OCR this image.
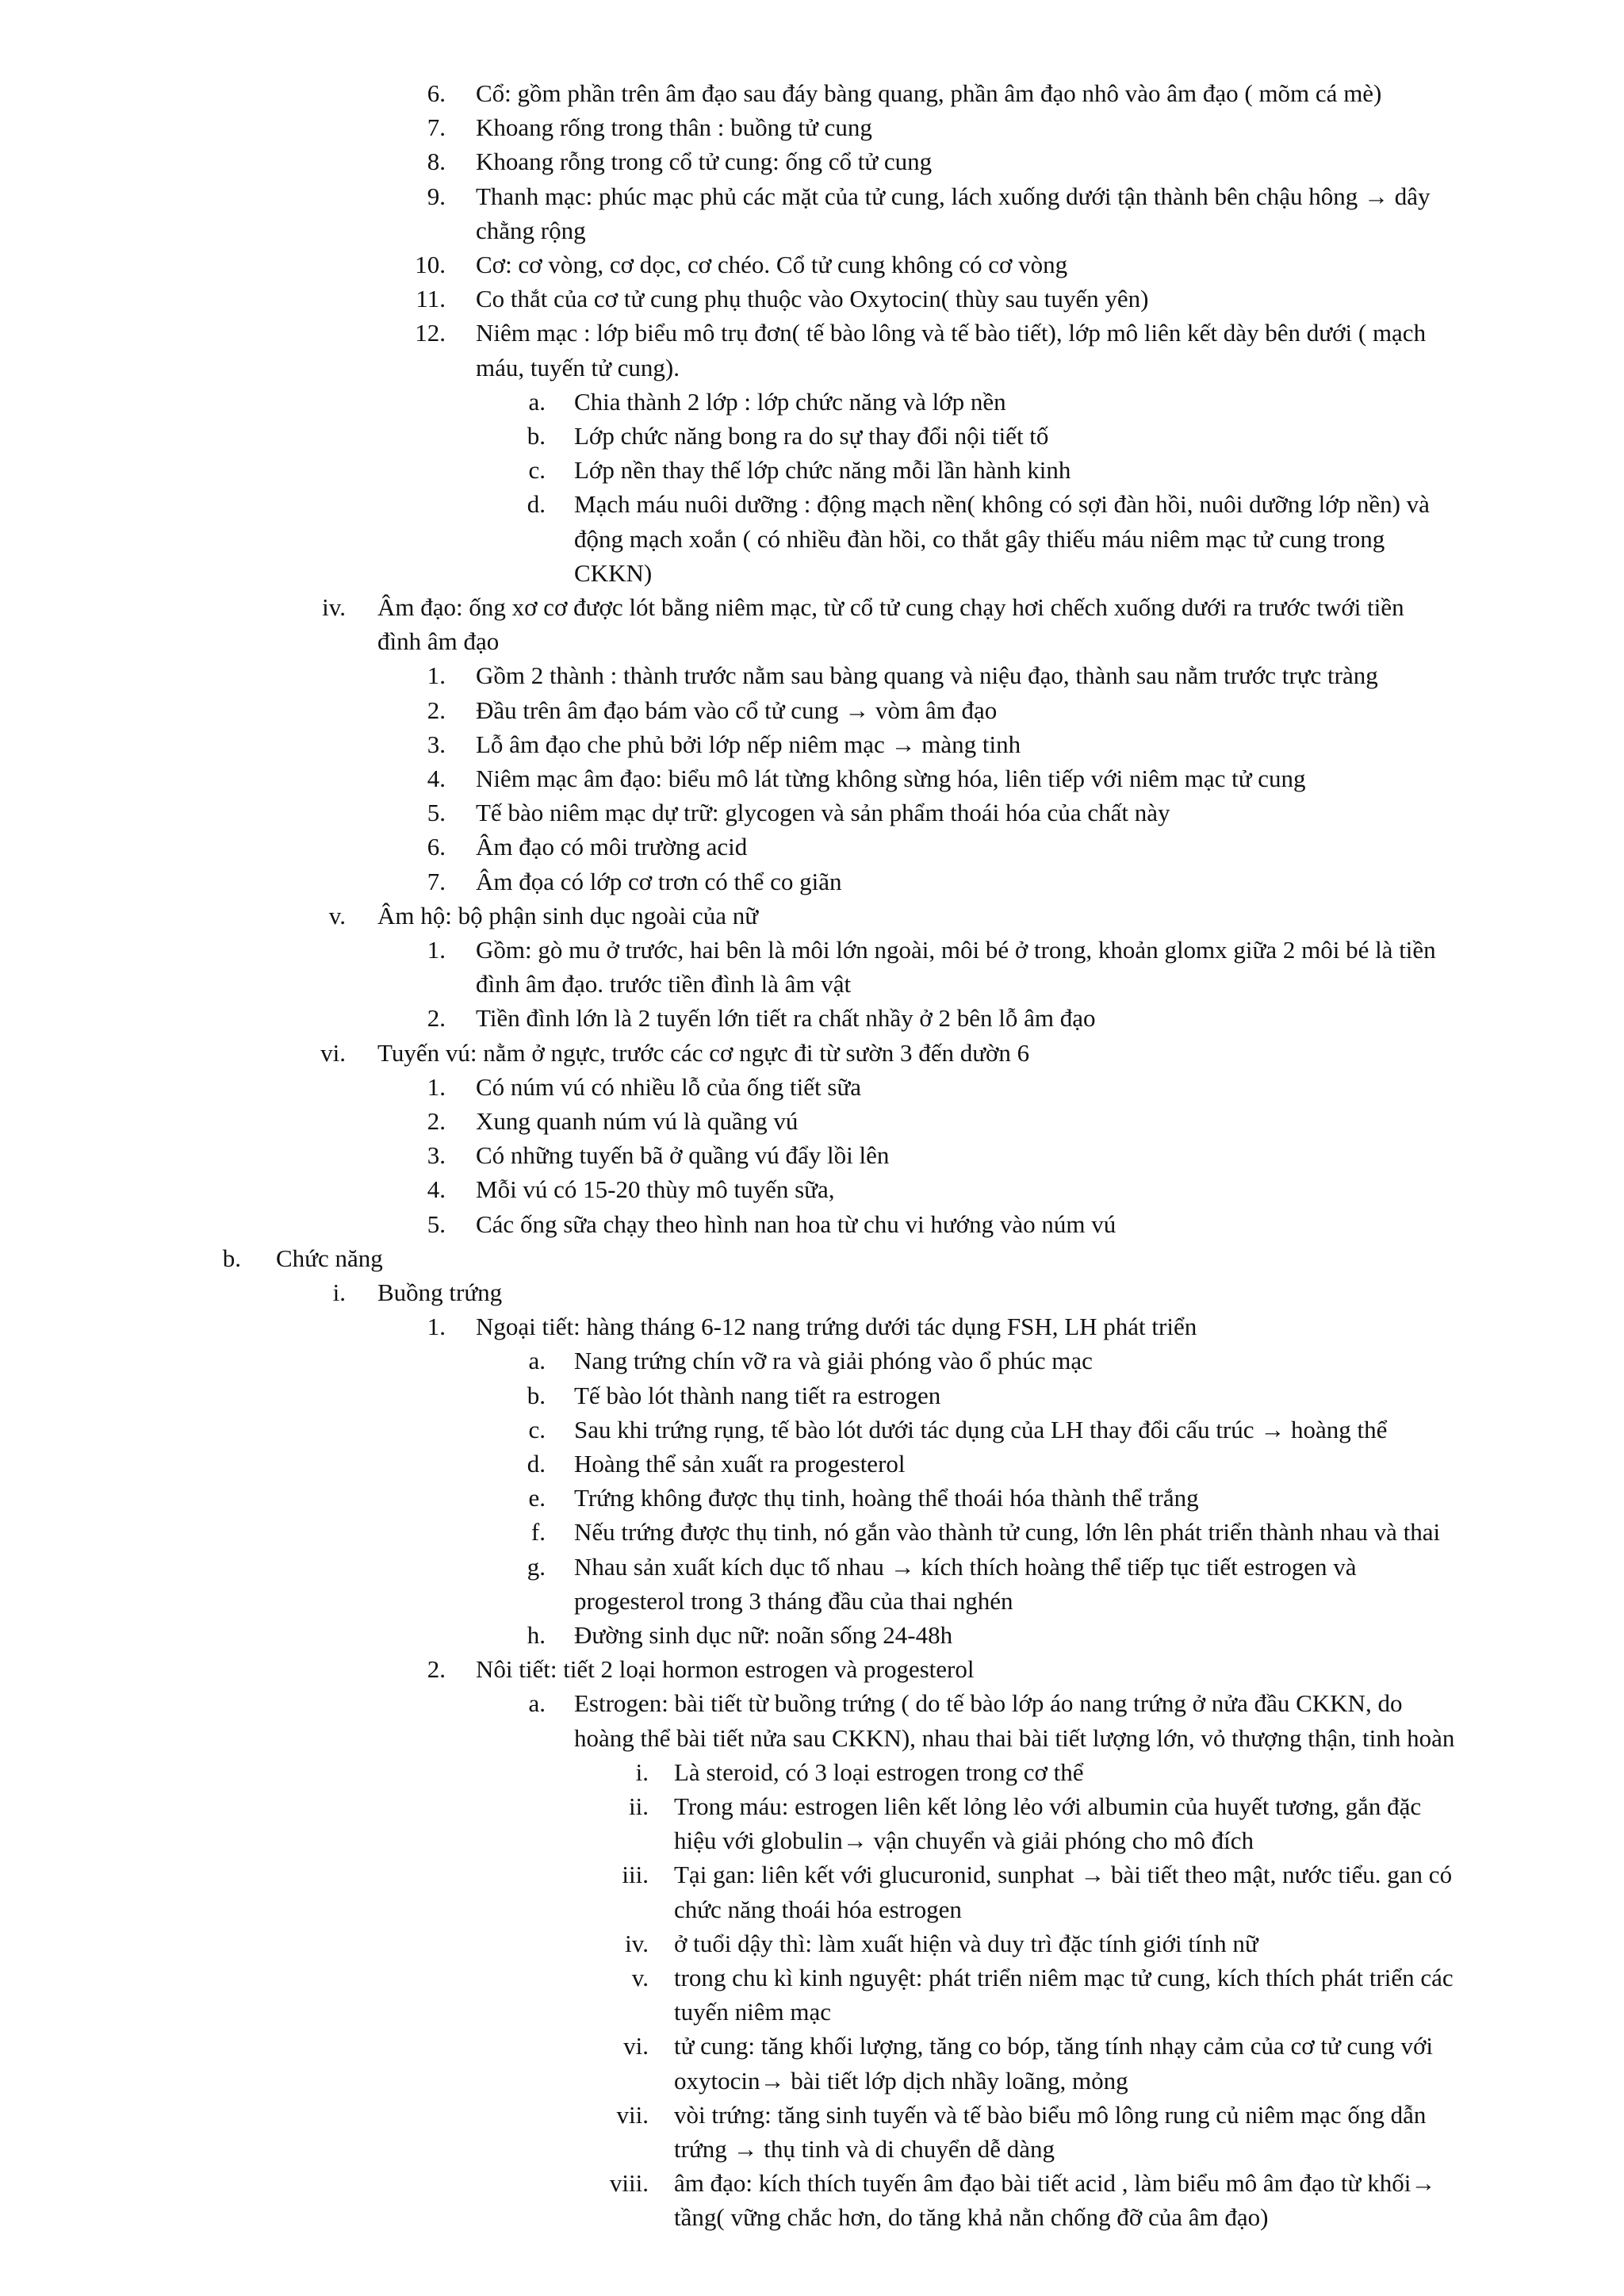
6. Cổ: gồm phần trên âm đạo sau đáy bàng quang, phần âm đạo nhô vào âm đạo ( mõm cá mè)
7. Khoang rống trong thân : buồng tử cung
8. Khoang rỗng trong cổ tử cung: ống cổ tử cung
9. Thanh mạc: phúc mạc phủ các mặt của tử cung, lách xuống dưới tận thành bên chậu hông → dây
chằng rộng
10. Cơ: cơ vòng, cơ dọc, cơ chéo. Cổ tử cung không có cơ vòng
11. Co thắt của cơ tử cung phụ thuộc vào Oxytocin( thùy sau tuyến yên)
12. Niêm mạc : lớp biểu mô trụ đơn( tế bào lông và tế bào tiết), lớp mô liên kết dày bên dưới ( mạch
máu, tuyến tử cung).
a. Chia thành 2 lớp : lớp chức năng và lớp nền
b. Lớp chức năng bong ra do sự thay đổi nội tiết tố
c. Lớp nền thay thế lớp chức năng mỗi lần hành kinh
d. Mạch máu nuôi dưỡng : động mạch nền( không có sợi đàn hồi, nuôi dưỡng lớp nền) và
động mạch xoắn ( có nhiều đàn hồi, co thắt gây thiếu máu niêm mạc tử cung trong
CKKN)
iv. Âm đạo: ống xơ cơ được lót bằng niêm mạc, từ cổ tử cung chạy hơi chếch xuống dưới ra trước twới tiền
đình âm đạo
1. Gồm 2 thành : thành trước nằm sau bàng quang và niệu đạo, thành sau nằm trước trực tràng
2. Đầu trên âm đạo bám vào cổ tử cung → vòm âm đạo
3. Lỗ âm đạo che phủ bởi lớp nếp niêm mạc → màng tinh
4. Niêm mạc âm đạo: biểu mô lát từng không sừng hóa, liên tiếp với niêm mạc tử cung
5. Tế bào niêm mạc dự trữ: glycogen và sản phẩm thoái hóa của chất này
6. Âm đạo có môi trường acid
7. Âm đọa có lớp cơ trơn có thể co giãn
v. Âm hộ: bộ phận sinh dục ngoài của nữ
1. Gồm: gò mu ở trước, hai bên là môi lớn ngoài, môi bé ở trong, khoản glomx giữa 2 môi bé là tiền
đình âm đạo. trước tiền đình là âm vật
2. Tiền đình lớn là 2 tuyến lớn tiết ra chất nhầy ở 2 bên lỗ âm đạo
vi. Tuyến vú: nằm ở ngực, trước các cơ ngực đi từ sườn 3 đến dườn 6
1. Có núm vú có nhiều lỗ của ống tiết sữa
2. Xung quanh núm vú là quầng vú
3. Có những tuyến bã ở quầng vú đẩy lồi lên
4. Mỗi vú có 15-20 thùy mô tuyến sữa,
5. Các ống sữa chạy theo hình nan hoa từ chu vi hướng vào núm vú
b. Chức năng
i. Buồng trứng
1. Ngoại tiết: hàng tháng 6-12 nang trứng dưới tác dụng FSH, LH phát triển
a. Nang trứng chín vỡ ra và giải phóng vào ổ phúc mạc
b. Tế bào lót thành nang tiết ra estrogen
c. Sau khi trứng rụng, tế bào lót dưới tác dụng của LH thay đổi cấu trúc → hoàng thể
d. Hoàng thể sản xuất ra progesterol
e. Trứng không được thụ tinh, hoàng thể thoái hóa thành thể trắng
f. Nếu trứng được thụ tinh, nó gắn vào thành tử cung, lớn lên phát triển thành nhau và thai
g. Nhau sản xuất kích dục tố nhau → kích thích hoàng thể tiếp tục tiết estrogen và
progesterol trong 3 tháng đầu của thai nghén
h. Đường sinh dục nữ: noãn sống 24-48h
2. Nôi tiết: tiết 2 loại hormon estrogen và progesterol
a. Estrogen: bài tiết từ buồng trứng ( do tế bào lớp áo nang trứng ở nửa đầu CKKN, do
hoàng thể bài tiết nửa sau CKKN), nhau thai bài tiết lượng lớn, vỏ thượng thận, tinh hoàn
i. Là steroid, có 3 loại estrogen trong cơ thể
ii. Trong máu: estrogen liên kết lỏng lẻo với albumin của huyết tương, gắn đặc
hiệu với globulin→ vận chuyển và giải phóng cho mô đích
iii. Tại gan: liên kết với glucuronid, sunphat → bài tiết theo mật, nước tiểu. gan có
chức năng thoái hóa estrogen
iv. ở tuổi dậy thì: làm xuất hiện và duy trì đặc tính giới tính nữ
v. trong chu kì kinh nguyệt: phát triển niêm mạc tử cung, kích thích phát triển các
tuyến niêm mạc
vi. tử cung: tăng khối lượng, tăng co bóp, tăng tính nhạy cảm của cơ tử cung với
oxytocin→ bài tiết lớp dịch nhầy loãng, mỏng
vii. vòi trứng: tăng sinh tuyến và tế bào biểu mô lông rung củ niêm mạc ống dẫn
trứng → thụ tinh và di chuyển dễ dàng
viii. âm đạo: kích thích tuyến âm đạo bài tiết acid , làm biểu mô âm đạo từ khối→
tầng( vững chắc hơn, do tăng khả nằn chống đỡ của âm đạo)
